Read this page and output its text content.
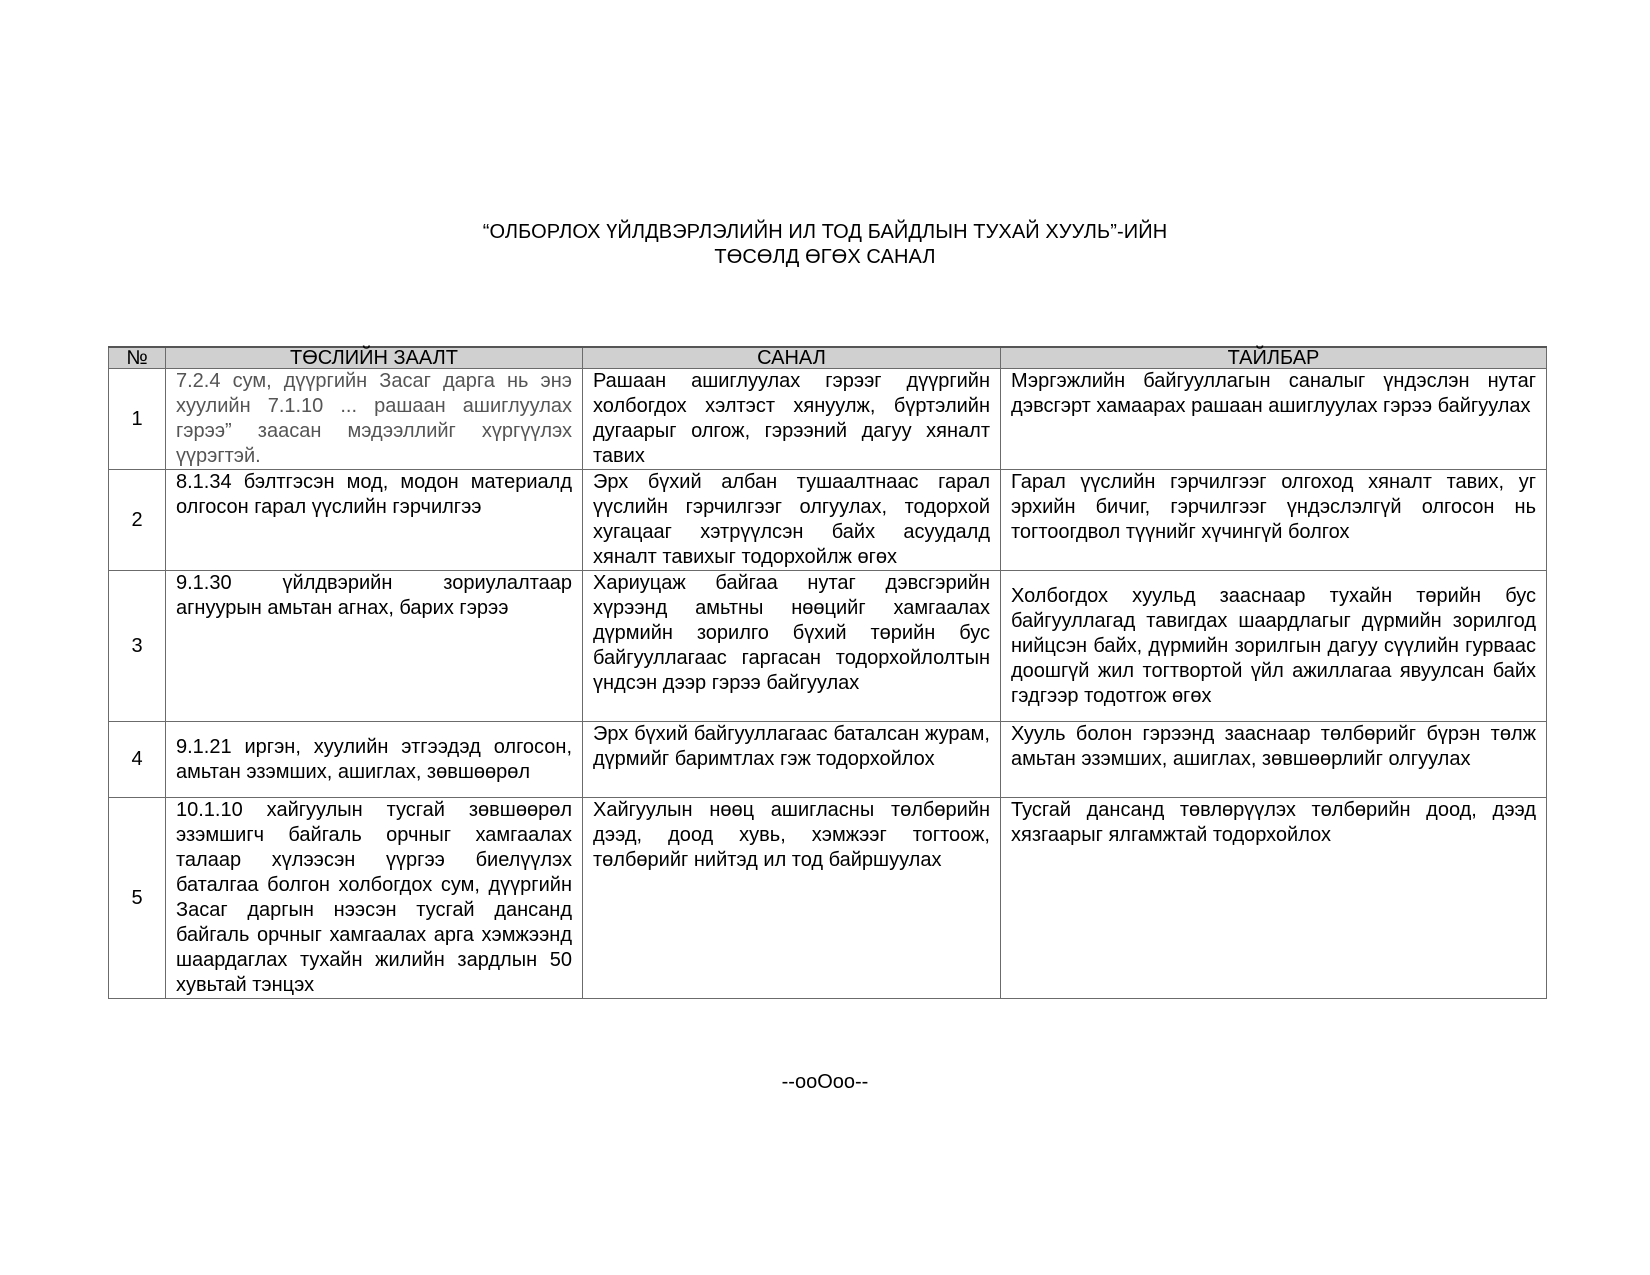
“ОЛБОРЛОХ ҮЙЛДВЭРЛЭЛИЙН ИЛ ТОД БАЙДЛЫН ТУХАЙ ХУУЛЬ”-ИЙН
ТӨСӨЛД ӨГӨХ САНАЛ
№	ТӨСЛИЙН ЗААЛТ	САНАЛ	ТАЙЛБАР
1	7.2.4 сум, дүүргийн Засаг дарга нь энэ хуулийн 7.1.10 ... рашаан ашиглуулах гэрээ” заасан мэдээллийг хүргүүлэх үүрэгтэй.	Рашаан ашиглуулах гэрээг дүүргийн холбогдох хэлтэст хянуулж, бүртэлийн дугаарыг олгож, гэрээний дагуу хяналт тавих	Мэргэжлийн байгууллагын саналыг үндэслэн нутаг дэвсгэрт хамаарах рашаан ашиглуулах гэрээ байгуулах
2	8.1.34 бэлтгэсэн мод, модон материалд олгосон гарал үүслийн гэрчилгээ	Эрх бүхий албан тушаалтнаас гарал үүслийн гэрчилгээг олгуулах, тодорхой хугацааг хэтрүүлсэн байх асуудалд хяналт тавихыг тодорхойлж өгөх	Гарал үүслийн гэрчилгээг олгоход хяналт тавих, уг эрхийн бичиг, гэрчилгээг үндэслэлгүй олгосон нь тогтоогдвол түүнийг хүчингүй болгох
3	9.1.30 үйлдвэрийн зориулалтаар агнуурын амьтан агнах, барих гэрээ	Хариуцаж байгаа нутаг дэвсгэрийн хүрээнд амьтны нөөцийг хамгаалах дүрмийн зорилго бүхий төрийн бус байгууллагаас гаргасан тодорхойлолтын үндсэн дээр гэрээ байгуулах	Холбогдох хуульд зааснаар тухайн төрийн бус байгууллагад тавигдах шаардлагыг дүрмийн зорилгод нийцсэн байх, дүрмийн зорилгын дагуу сүүлийн гурваас доошгүй жил тогтвортой үйл ажиллагаа явуулсан байх гэдгээр тодотгож өгөх
4	9.1.21 иргэн, хуулийн этгээдэд олгосон, амьтан эзэмших, ашиглах, зөвшөөрөл	Эрх бүхий байгууллагаас баталсан журам, дүрмийг баримтлах гэж тодорхойлох	Хууль болон гэрээнд зааснаар төлбөрийг бүрэн төлж амьтан эзэмших, ашиглах, зөвшөөрлийг олгуулах
5	10.1.10 хайгуулын тусгай зөвшөөрөл эзэмшигч байгаль орчныг хамгаалах талаар хүлээсэн үүргээ биелүүлэх баталгаа болгон холбогдох сум, дүүргийн Засаг даргын нээсэн тусгай дансанд байгаль орчныг хамгаалах арга хэмжээнд шаардаглах тухайн жилийн зардлын 50 хувьтай тэнцэх	Хайгуулын нөөц ашигласны төлбөрийн дээд, доод хувь, хэмжээг тогтоож, төлбөрийг нийтэд ил тод байршуулах	Тусгай дансанд төвлөрүүлэх төлбөрийн доод, дээд хязгаарыг ялгамжтай тодорхойлох
--ooOoo--
